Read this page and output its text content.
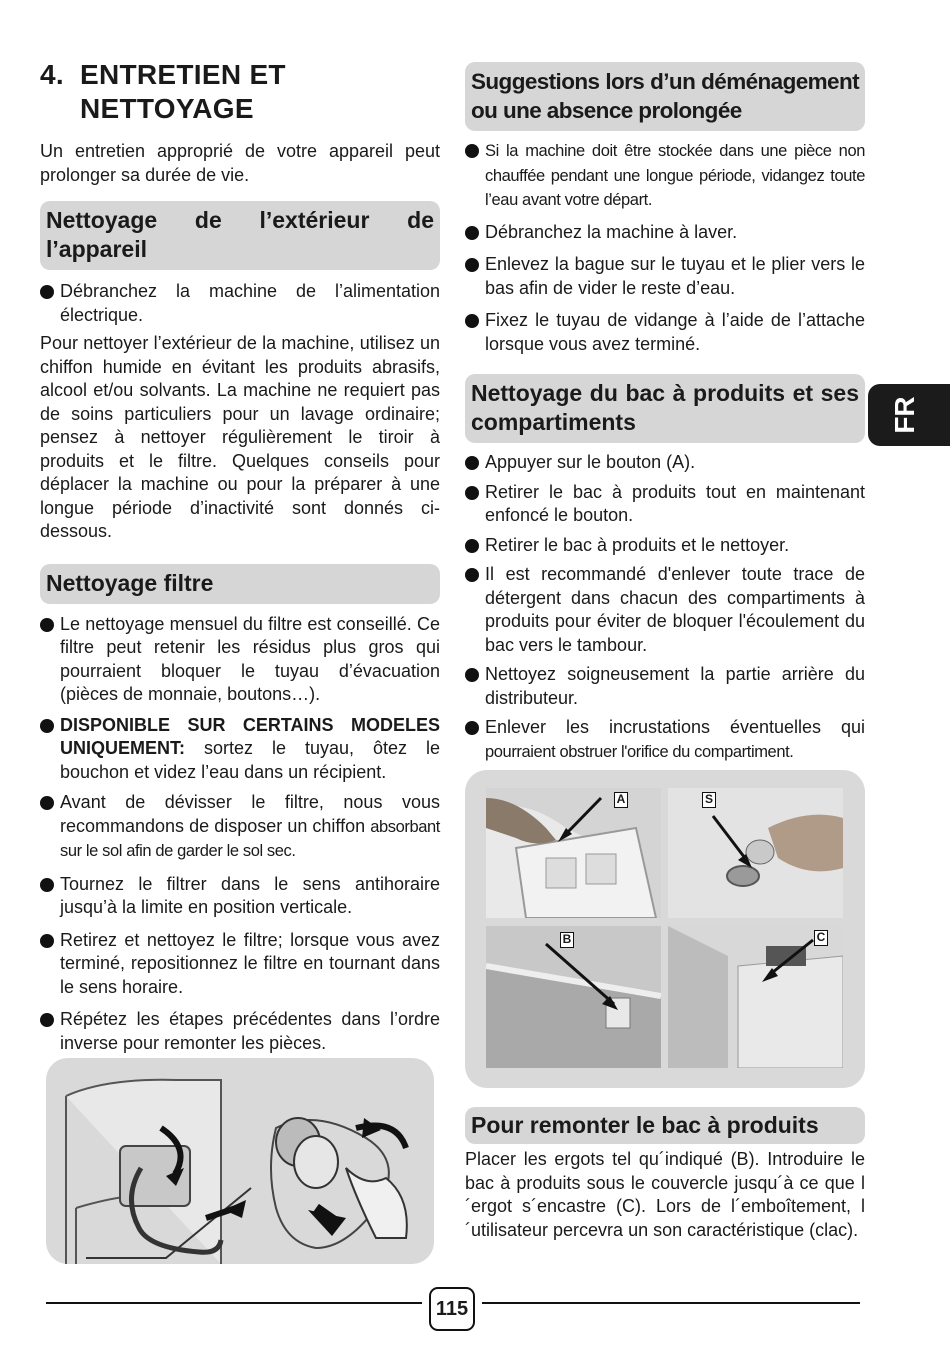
4. ENTRETIEN ET
NETTOYAGE

Un entretien approprié de votre appareil peut prolonger sa durée de vie.

Nettoyage de l’extérieur de l’appareil
Débranchez la machine de l’alimentation électrique.

Pour nettoyer l’extérieur de la machine, utilisez un chiffon humide en évitant les produits abrasifs, alcool et/ou solvants. La machine ne requiert pas de soins particuliers pour un lavage ordinaire; pensez à nettoyer régulièrement le tiroir à produits et le filtre. Quelques conseils pour déplacer la machine ou pour la préparer à une longue période d’inactivité sont donnés ci-dessous.

Nettoyage filtre
Le nettoyage mensuel du filtre est conseillé. Ce filtre peut retenir les résidus plus gros qui pourraient bloquer le tuyau d’évacuation (pièces de monnaie, boutons…).
DISPONIBLE SUR CERTAINS MODELES UNIQUEMENT: sortez le tuyau, ôtez le bouchon et videz l’eau dans un récipient.
Avant de dévisser le filtre, nous vous recommandons de disposer un chiffon absorbant sur le sol afin de garder le sol sec.
Tournez le filtrer dans le sens antihoraire jusqu’à la limite en position verticale.
Retirez et nettoyez le filtre; lorsque vous avez terminé, repositionnez le filtre en tournant dans le sens horaire.
Répétez les étapes précédentes dans l’ordre inverse pour remonter les pièces.
Suggestions lors d’un déménagement ou une absence prolongée
Si la machine doit être stockée dans une pièce non chauffée pendant une longue période, vidangez toute l’eau avant votre départ.
Débranchez la machine à laver.
Enlevez la bague sur le tuyau et le plier vers le bas afin de vider le reste d’eau.
Fixez le tuyau de vidange à l’aide de l’attache lorsque vous avez terminé.
Nettoyage du bac à produits et ses compartiments
Appuyer sur le bouton (A).
Retirer le bac à produits tout en maintenant enfoncé le bouton.
Retirer le bac à produits et le nettoyer.
Il est recommandé d'enlever toute trace de détergent dans chacun des compartiments à produits pour éviter de bloquer l'écoulement du bac vers le tambour.
Nettoyez soigneusement la partie arrière du distributeur.
Enlever les incrustations éventuelles qui pourraient obstruer l'orifice du compartiment.
A	S
B	C
Pour remonter le bac à produits

Placer les ergots tel qu´indiqué (B). Introduire le bac à produits sous le couvercle jusqu´à ce que l´ergot s´encastre (C). Lors de l´emboîtement, l´utilisateur percevra un son caractéristique (clac).

FR
115
